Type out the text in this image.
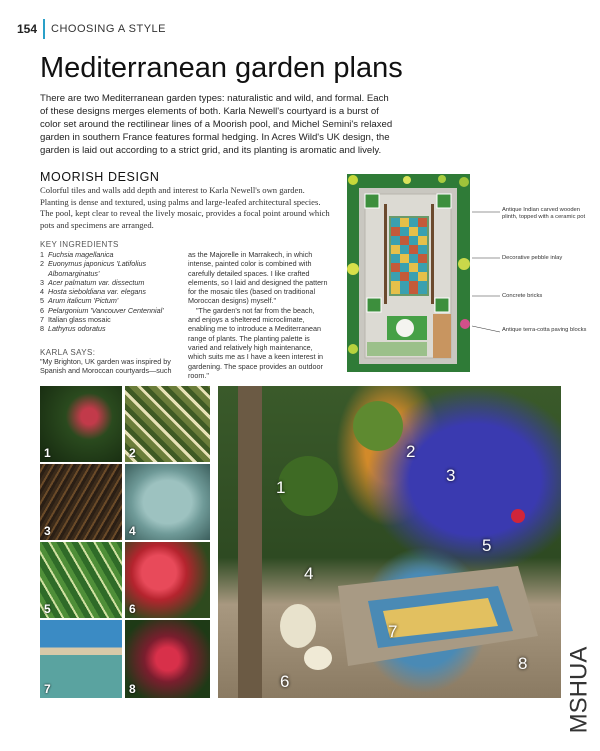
154 CHOOSING A STYLE
Mediterranean garden plans

There are two Mediterranean garden types: naturalistic and wild, and formal. Each of these designs merges elements of both. Karla Newell's courtyard is a burst of color set around the rectilinear lines of a Moorish pool, and Michel Semini's relaxed garden in southern France features formal hedging. In Acres Wild's UK design, the garden is laid out according to a strict grid, and its planting is aromatic and lively.

MOORISH DESIGN

Colorful tiles and walls add depth and interest to Karla Newell's own garden. Planting is dense and textured, using palms and large-leafed architectural species. The pool, kept clear to reveal the lively mosaic, provides a focal point around which pots and specimens are arranged.

KEY INGREDIENTS
1 Fuchsia magellanica
2 Euonymus japonicus 'Latifolius Albomarginatus'
3 Acer palmatum var. dissectum
4 Hosta sieboldiana var. elegans
5 Arum italicum 'Pictum'
6 Pelargonium 'Vancouver Centennial'
7 Italian glass mosaic
8 Lathyrus odoratus
KARLA SAYS:
"My Brighton, UK garden was inspired by Spanish and Moroccan courtyards—such

as the Majorelle in Marrakech, in which intense, painted color is combined with carefully detailed spaces. I like crafted elements, so I laid and designed the pattern for the mosaic tiles (based on traditional Moroccan designs) myself."

"The garden's not far from the beach, and enjoys a sheltered microclimate, enabling me to introduce a Mediterranean range of plants. The planting palette is varied and relatively high maintenance, which suits me as I have a keen interest in gardening. The space provides an outdoor room."

Antique Indian carved wooden plinth, topped with a ceramic pot
Decorative pebble inlay
Concrete bricks
Antique terra-cotta paving blocks
1	2
3	4
5	6
7	8
1
2
3
4
5
6
7
8 MSHUA
